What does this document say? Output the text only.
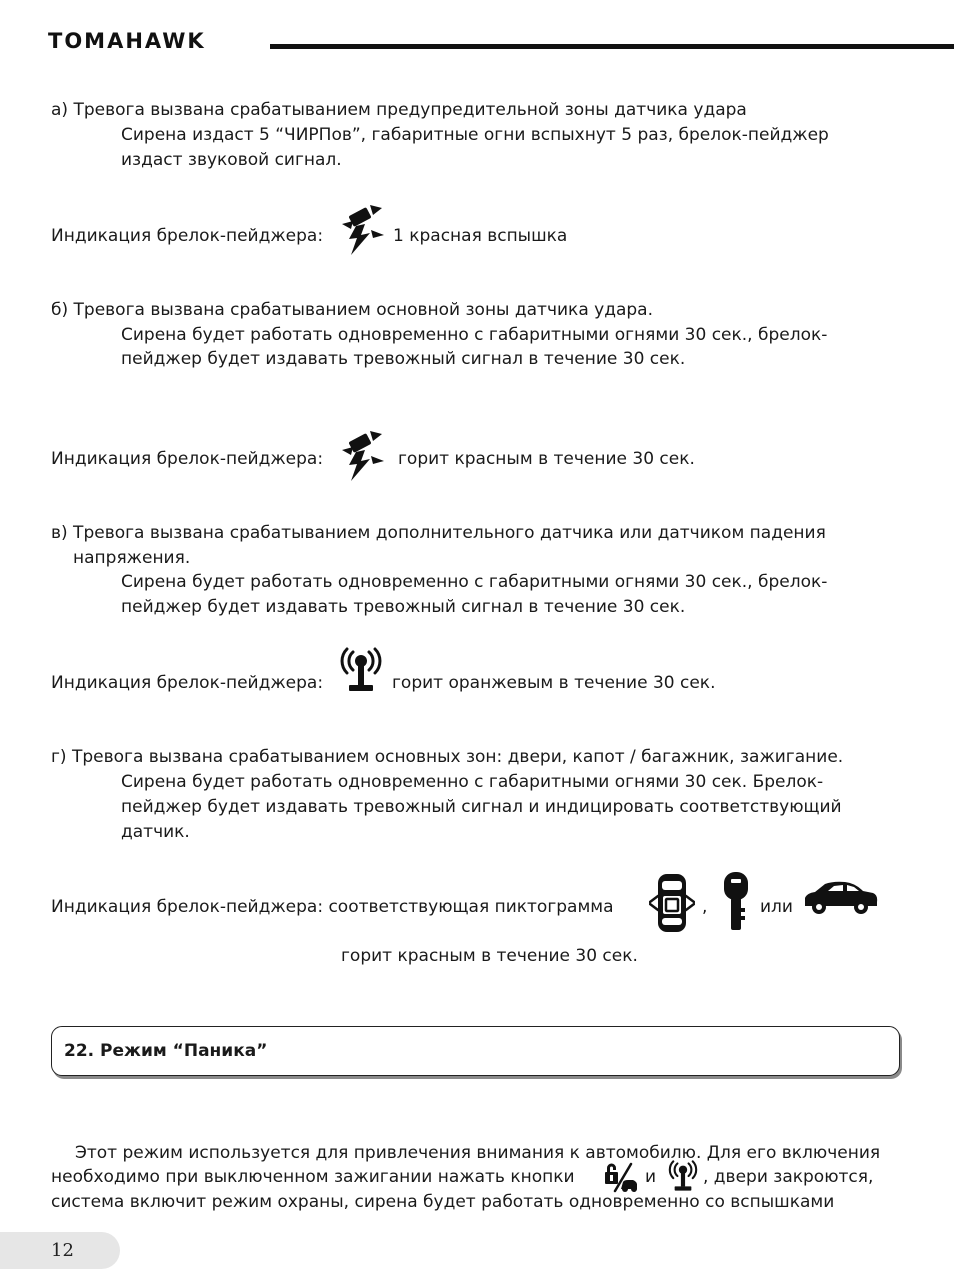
TOMAHAWK
а) Тревога вызвана срабатыванием предупредительной зоны датчика удара
Сирена издаст 5 “ЧИРПов”, габаритные огни вспыхнут 5 раз, брелок-пейджер
издаст звуковой сигнал.
Индикация брелок-пейджера:	1 красная вспышка
б) Тревога вызвана срабатыванием основной зоны датчика удара.
Сирена будет работать одновременно с габаритными огнями 30 сек., брелок-
пейджер будет издавать тревожный сигнал в течение 30 сек.
Индикация брелок-пейджера:	горит красным в течение 30 сек.
в) Тревога вызвана срабатыванием дополнительного датчика или датчиком падения
напряжения.
Сирена будет работать одновременно с габаритными огнями 30 сек., брелок-
пейджер будет издавать тревожный сигнал в течение 30 сек.
Индикация брелок-пейджера:	горит оранжевым в течение 30 сек.
г) Тревога вызвана срабатыванием основных зон: двери, капот / багажник, зажигание.
Сирена будет работать одновременно с габаритными огнями 30 сек. Брелок-
пейджер будет издавать тревожный сигнал и индицировать соответствующий
датчик.
Индикация брелок-пейджера: соответствующая пиктограмма	,	или
горит красным в течение 30 сек.
22. Режим “Паника”
Этот режим используется для привлечения внимания к автомобилю. Для его включения
необходимо при выключенном зажигании нажать кнопки	и	, двери закроются,
система включит режим охраны, сирена будет работать одновременно со вспышками
12
